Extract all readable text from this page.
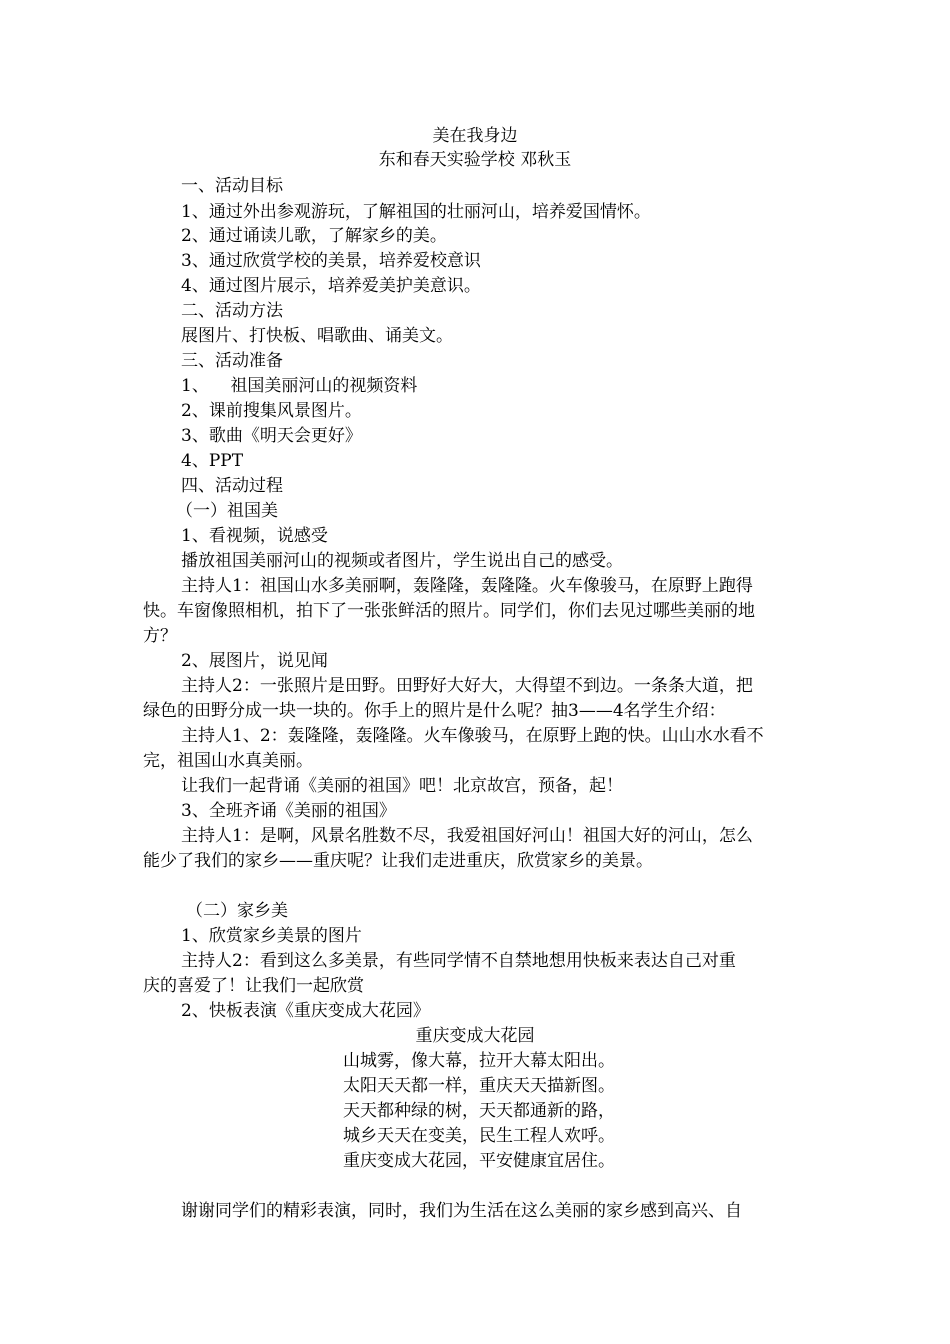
美在我身边
东和春天实验学校 邓秋玉
一、活动目标
1、通过外出参观游玩，了解祖国的壮丽河山，培养爱国情怀。
2、通过诵读儿歌，了解家乡的美。
3、通过欣赏学校的美景，培养爱校意识
4、通过图片展示，培养爱美护美意识。
二、活动方法
展图片、打快板、唱歌曲、诵美文。
三、活动准备
1、    祖国美丽河山的视频资料
2、课前搜集风景图片。
3、歌曲《明天会更好》
4、PPT
四、活动过程
（一）祖国美
1、看视频，说感受
播放祖国美丽河山的视频或者图片，学生说出自己的感受。
主持人1：祖国山水多美丽啊，轰隆隆，轰隆隆。火车像骏马，在原野上跑得
快。车窗像照相机，拍下了一张张鲜活的照片。同学们，你们去见过哪些美丽的地
方？
2、展图片，说见闻
主持人2：一张照片是田野。田野好大好大，大得望不到边。一条条大道，把
绿色的田野分成一块一块的。你手上的照片是什么呢？抽3——4名学生介绍：
主持人1、2：轰隆隆，轰隆隆。火车像骏马，在原野上跑的快。山山水水看不
完，祖国山水真美丽。
让我们一起背诵《美丽的祖国》吧！北京故宫，预备，起！
3、全班齐诵《美丽的祖国》
主持人1：是啊，风景名胜数不尽，我爱祖国好河山！祖国大好的河山，怎么
能少了我们的家乡——重庆呢？让我们走进重庆，欣赏家乡的美景。
（二）家乡美
1、欣赏家乡美景的图片
主持人2：看到这么多美景，有些同学情不自禁地想用快板来表达自己对重
庆的喜爱了！让我们一起欣赏
2、快板表演《重庆变成大花园》
重庆变成大花园
山城雾，像大幕，拉开大幕太阳出。
太阳天天都一样，重庆天天描新图。
天天都种绿的树，天天都通新的路，
城乡天天在变美，民生工程人欢呼。
重庆变成大花园，平安健康宜居住。
谢谢同学们的精彩表演，同时，我们为生活在这么美丽的家乡感到高兴、自
